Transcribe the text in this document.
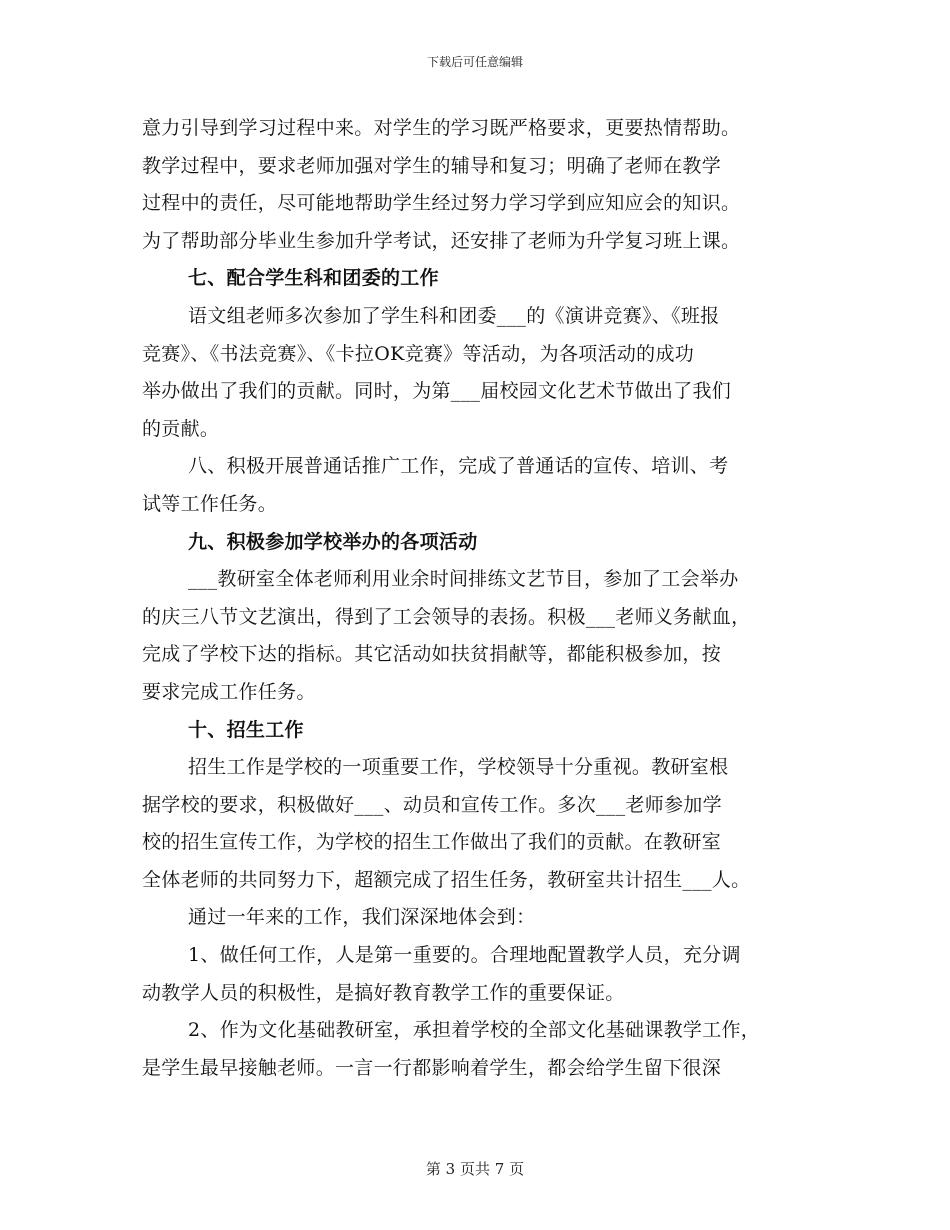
下载后可任意编辑
意力引导到学习过程中来。对学生的学习既严格要求，更要热情帮助。
教学过程中，要求老师加强对学生的辅导和复习；明确了老师在教学
过程中的责任，尽可能地帮助学生经过努力学习学到应知应会的知识。
为了帮助部分毕业生参加升学考试，还安排了老师为升学复习班上课。
七、配合学生科和团委的工作
语文组老师多次参加了学生科和团委___的《演讲竞赛》、《班报
竞赛》、《书法竞赛》、《卡拉OK竞赛》等活动，为各项活动的成功
举办做出了我们的贡献。同时，为第___届校园文化艺术节做出了我们
的贡献。
八、积极开展普通话推广工作，完成了普通话的宣传、培训、考
试等工作任务。
九、积极参加学校举办的各项活动
___教研室全体老师利用业余时间排练文艺节目，参加了工会举办
的庆三八节文艺演出，得到了工会领导的表扬。积极___老师义务献血，
完成了学校下达的指标。其它活动如扶贫捐献等，都能积极参加，按
要求完成工作任务。
十、招生工作
招生工作是学校的一项重要工作，学校领导十分重视。教研室根
据学校的要求，积极做好___、动员和宣传工作。多次___老师参加学
校的招生宣传工作，为学校的招生工作做出了我们的贡献。在教研室
全体老师的共同努力下，超额完成了招生任务，教研室共计招生___人。
通过一年来的工作，我们深深地体会到：
1、做任何工作，人是第一重要的。合理地配置教学人员，充分调
动教学人员的积极性，是搞好教育教学工作的重要保证。
2、作为文化基础教研室，承担着学校的全部文化基础课教学工作，
是学生最早接触老师。一言一行都影响着学生，都会给学生留下很深
第 3 页共 7 页
